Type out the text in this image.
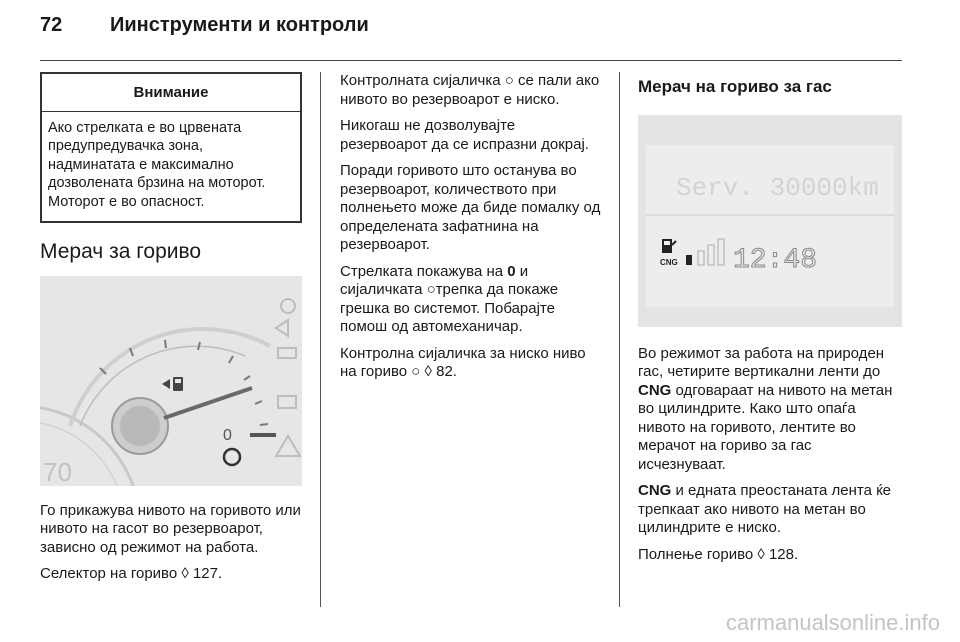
72 Иинструменти и контроли
Внимание
Ако стрелката е во црвената предупредувачка зона, надминатата е максимално дозволената брзина на моторот. Моторот е во опасност.
Мерач за гориво
0
70

Го прикажува нивото на горивото или нивото на гасот во резервоарот, зависно од режимот на работа.

Селектор на гориво ◊ 127.

Контролната сијаличка ○ се пали ако нивото во резервоарот е ниско.

Никогаш не дозволувајте резервоарот да се испразни докрај.

Поради горивото што останува во резервоарот, количеството при полнењето може да биде помалку од определената зафатнина на резервоарот.

Стрелката покажува на 0 и сијаличката ○трепка да покаже грешка во системот. Побарајте помош од автомеханичар.

Контролна сијаличка за ниско ниво на гориво ○ ◊ 82.

Мерач на гориво за гас
Serv. 30000km
CNG 12:48

Во режимот за работа на природен гас, четирите вертикални ленти до CNG одговараат на нивото на метан во цилиндрите. Како што опаѓа нивото на горивото, лентите во мерачот на гориво за гас исчезнуваат.

CNG и едната преостаната лента ќе трепкаат ако нивото на метан во цилиндрите е ниско.

Полнење гориво ◊ 128.

carmanualsonline.info
